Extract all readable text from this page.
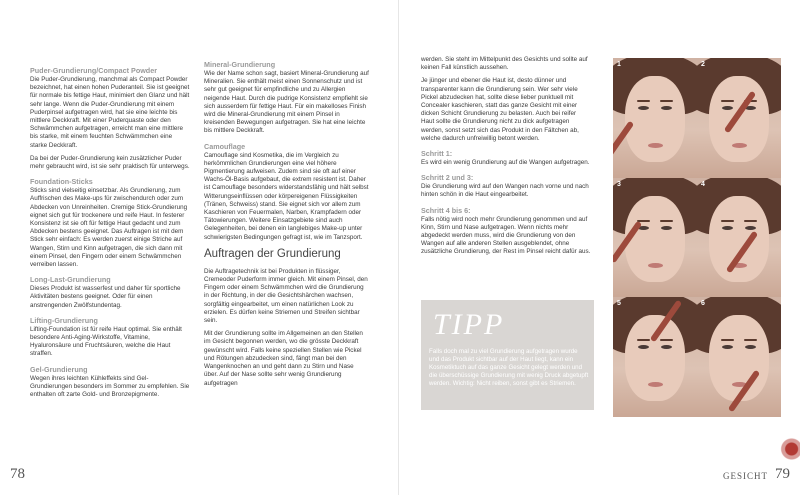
Puder-Grundierung/Compact Powder

Die Puder-Grundierung, manchmal als Compact Powder bezeichnet, hat einen hohen Puderanteil. Sie ist geeignet für normale bis fettige Haut, minimiert den Glanz und hält sehr lange. Wenn die Puder-Grundierung mit einem Puderpinsel aufgetragen wird, hat sie eine leichte bis mittlere Deckkraft. Mit einer Puderquaste oder den Schwämmchen aufgetragen, erreicht man eine mittlere bis starke, mit einem feuchten Schwämmchen eine starke Deckkraft.

Da bei der Puder-Grundierung kein zusätzlicher Puder mehr gebraucht wird, ist sie sehr praktisch für unterwegs.

Foundation-Sticks

Sticks sind vielseitig einsetzbar. Als Grundierung, zum Auffrischen des Make-ups für zwischendurch oder zum Abdecken von Unreinheiten. Cremige Stick-Grundierung eignet sich gut für trockenere und reife Haut. In festerer Konsistenz ist sie oft für fettige Haut gedacht und zum Abdecken bestens geeignet. Das Auftragen ist mit dem Stick sehr einfach: Es werden zuerst einige Striche auf Wangen, Stirn und Kinn aufgetragen, die sich dann mit einem Pinsel, den Fingern oder einem Schwämmchen verreiben lassen.

Long-Last-Grundierung

Dieses Produkt ist wasserfest und daher für sportliche Aktivitäten bestens geeignet. Oder für einen anstrengenden Zwölfstundentag.

Lifting-Grundierung

Lifting-Foundation ist für reife Haut optimal. Sie enthält besondere Anti-Aging-Wirkstoffe, Vitamine, Hyaluronsäure und Fruchtsäuren, welche die Haut straffen.

Gel-Grundierung

Wegen ihres leichten Kühleffekts sind Gel-Grundierungen besonders im Sommer zu empfehlen. Sie enthalten oft zarte Gold- und Bronzepigmente.

Mineral-Grundierung

Wie der Name schon sagt, basiert Mineral-Grundierung auf Mineralien. Sie enthält meist einen Sonnenschutz und ist sehr gut geeignet für empfindliche und zu Allergien neigende Haut. Durch die pudrige Konsistenz empfiehlt sie sich ausserdem für fettige Haut. Für ein makelloses Finish wird die Mineral-Grundierung mit einem Pinsel in kreisenden Bewegungen aufgetragen. Sie hat eine leichte bis mittlere Deckkraft.

Camouflage

Camouflage sind Kosmetika, die im Vergleich zu herkömmlichen Grundierungen eine viel höhere Pigmentierung aufweisen. Zudem sind sie oft auf einer Wachs-Öl-Basis aufgebaut, die extrem resistent ist. Daher ist Camouflage besonders widerstandsfähig und hält selbst Witterungseinflüssen oder körpereigenen Flüssigkeiten (Tränen, Schweiss) stand. Sie eignet sich vor allem zum Kaschieren von Feuermalen, Narben, Krampfadern oder Tätowierungen. Weitere Einsatzgebiete sind auch Gelegenheiten, bei denen ein langlebiges Make-up unter schwierigsten Bedingungen gefragt ist, wie im Tanzsport.

Auftragen der Grundierung

Die Auftragetechnik ist bei Produkten in flüssiger, Cremeoder Puderform immer gleich. Mit einem Pinsel, den Fingern oder einem Schwämmchen wird die Grundierung in der Richtung, in der die Gesichtshärchen wachsen, sorgfältig eingearbeitet, um einen natürlichen Look zu erzielen. Es dürfen keine Striemen und Streifen sichtbar sein.

Mit der Grundierung sollte im Allgemeinen an den Stellen im Gesicht begonnen werden, wo die grösste Deckkraft gewünscht wird. Falls keine speziellen Stellen wie Pickel und Rötungen abzudecken sind, fängt man bei den Wangenknochen an und geht dann zu Stirn und Nase über. Auf der Nase sollte sehr wenig Grundierung aufgetragen

78

werden. Sie steht im Mittelpunkt des Gesichts und sollte auf keinen Fall künstlich aussehen.

Je jünger und ebener die Haut ist, desto dünner und transparenter kann die Grundierung sein. Wer sehr viele Pickel abzudecken hat, sollte diese lieber punktuell mit Concealer kaschieren, statt das ganze Gesicht mit einer dicken Schicht Grundierung zu belasten. Auch bei reifer Haut sollte die Grundierung nicht zu dick aufgetragen werden, sonst setzt sich das Produkt in den Fältchen ab, welche dadurch unfreiwillig betont werden.

Schritt 1:

Es wird ein wenig Grundierung auf die Wangen aufgetragen.

Schritt 2 und 3:

Die Grundierung wird auf den Wangen nach vorne und nach hinten schön in die Haut eingearbeitet.

Schritt 4 bis 6:

Falls nötig wird noch mehr Grundierung genommen und auf Kinn, Stirn und Nase aufgetragen. Wenn nichts mehr abgedeckt werden muss, wird die Grundierung von den Wangen auf alle anderen Stellen ausgeblendet, ohne zusätzliche Grundierung, der Rest im Pinsel reicht dafür aus.

GESICHT 79
TIPP
Falls doch mal zu viel Grundierung aufgetragen wurde und das Produkt sichtbar auf der Haut liegt, kann ein Kosmetiktuch auf das ganze Gesicht gelegt werden und die überschüssige Grundierung mit wenig Druck abgetupft werden. Wichtig: Nicht reiben, sonst gibt es Striemen.
1	2
3	4
5	6
